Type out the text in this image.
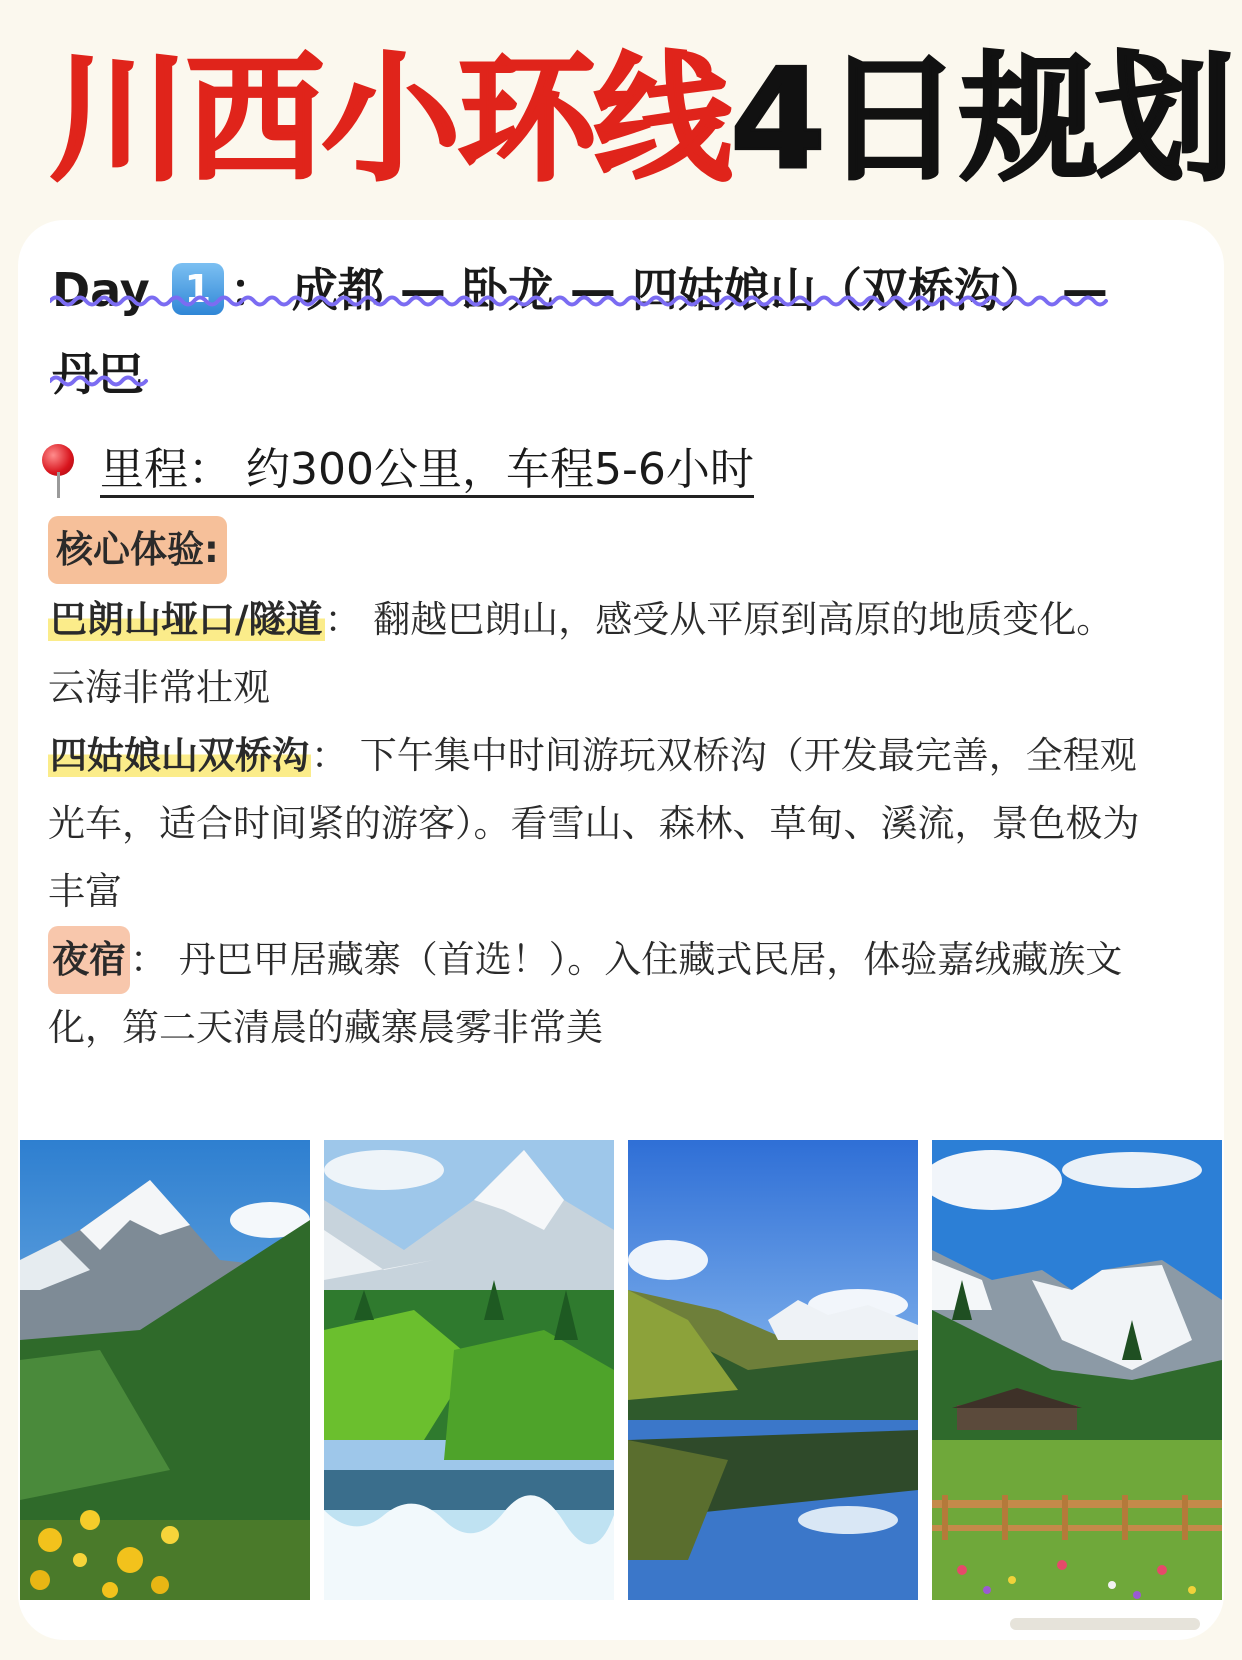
川西小环线4日规划
Day 1 ： 成都 — 卧龙 — 四姑娘山（双桥沟） —
丹巴
里程： 约300公里，车程5-6小时
核心体验:
巴朗山垭口/隧道： 翻越巴朗山，感受从平原到高原的地质变化。云海非常壮观
四姑娘山双桥沟： 下午集中时间游玩双桥沟（开发最完善，全程观光车，适合时间紧的游客）。看雪山、森林、草甸、溪流，景色极为丰富
夜宿 ： 丹巴甲居藏寨（首选！）。入住藏式民居，体验嘉绒藏族文化，第二天清晨的藏寨晨雾非常美
